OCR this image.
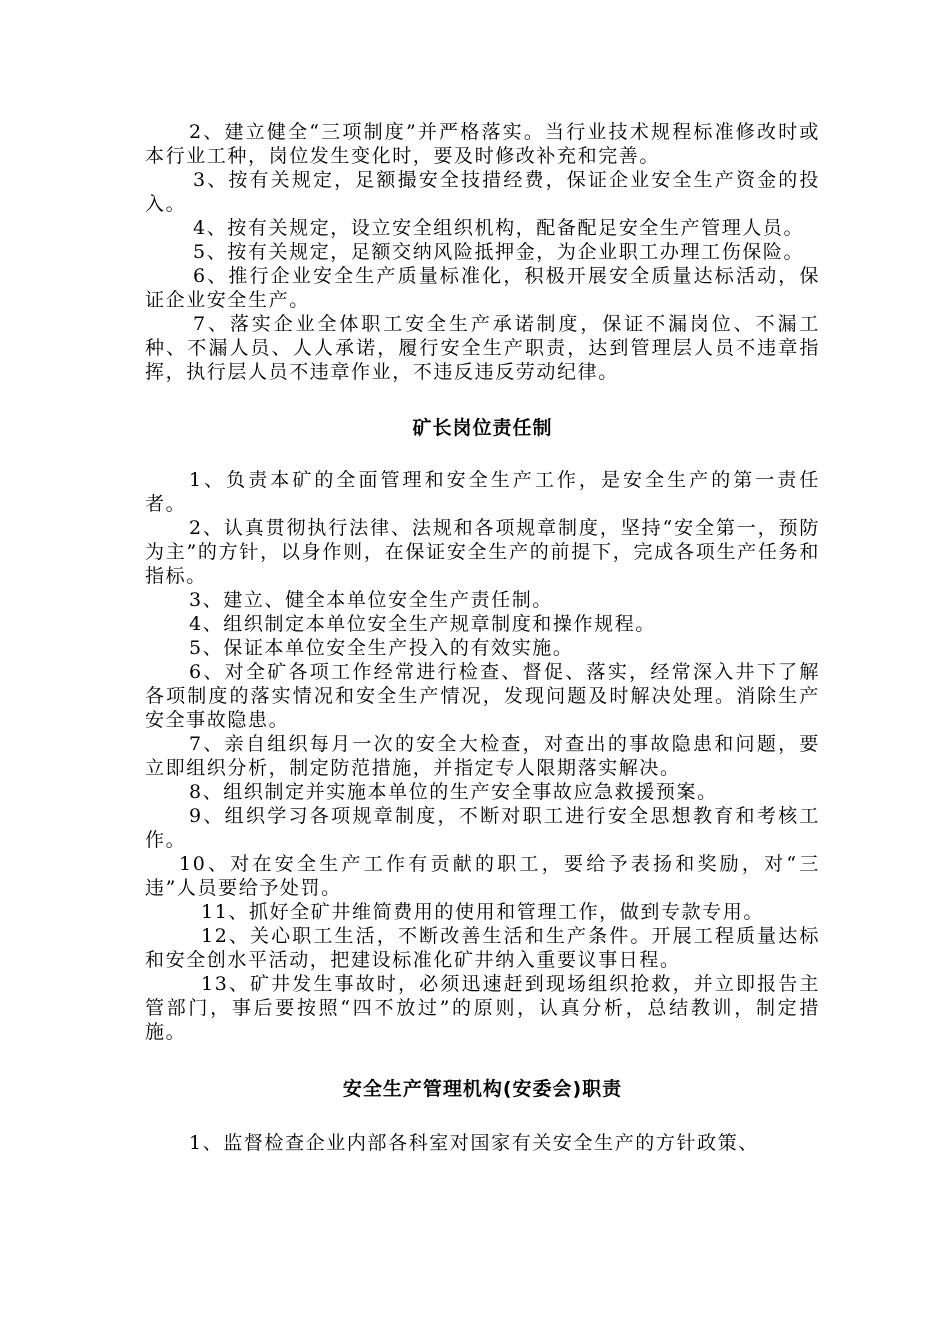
2、建立健全“三项制度”并严格落实。当行业技术规程标准修改时或本行业工种，岗位发生变化时，要及时修改补充和完善。

3、按有关规定，足额撮安全技措经费，保证企业安全生产资金的投入。

4、按有关规定，设立安全组织机构，配备配足安全生产管理人员。

5、按有关规定，足额交纳风险抵押金，为企业职工办理工伤保险。

6、推行企业安全生产质量标准化，积极开展安全质量达标活动，保证企业安全生产。

7、落实企业全体职工安全生产承诺制度，保证不漏岗位、不漏工种、不漏人员、人人承诺，履行安全生产职责，达到管理层人员不违章指挥，执行层人员不违章作业，不违反违反劳动纪律。

矿长岗位责任制

1、负责本矿的全面管理和安全生产工作，是安全生产的第一责任者。

2、认真贯彻执行法律、法规和各项规章制度，坚持“安全第一，预防为主”的方针，以身作则，在保证安全生产的前提下，完成各项生产任务和指标。

3、建立、健全本单位安全生产责任制。

4、组织制定本单位安全生产规章制度和操作规程。

5、保证本单位安全生产投入的有效实施。

6、对全矿各项工作经常进行检查、督促、落实，经常深入井下了解各项制度的落实情况和安全生产情况，发现问题及时解决处理。消除生产安全事故隐患。

7、亲自组织每月一次的安全大检查，对查出的事故隐患和问题，要立即组织分析，制定防范措施，并指定专人限期落实解决。

8、组织制定并实施本单位的生产安全事故应急救援预案。

9、组织学习各项规章制度，不断对职工进行安全思想教育和考核工作。

10、对在安全生产工作有贡献的职工，要给予表扬和奖励，对“三违”人员要给予处罚。

11、抓好全矿井维简费用的使用和管理工作，做到专款专用。

12、关心职工生活，不断改善生活和生产条件。开展工程质量达标和安全创水平活动，把建设标准化矿井纳入重要议事日程。

13、矿井发生事故时，必须迅速赶到现场组织抢救，并立即报告主管部门，事后要按照“四不放过”的原则，认真分析，总结教训，制定措施。

安全生产管理机构(安委会)职责

1、监督检查企业内部各科室对国家有关安全生产的方针政策、
